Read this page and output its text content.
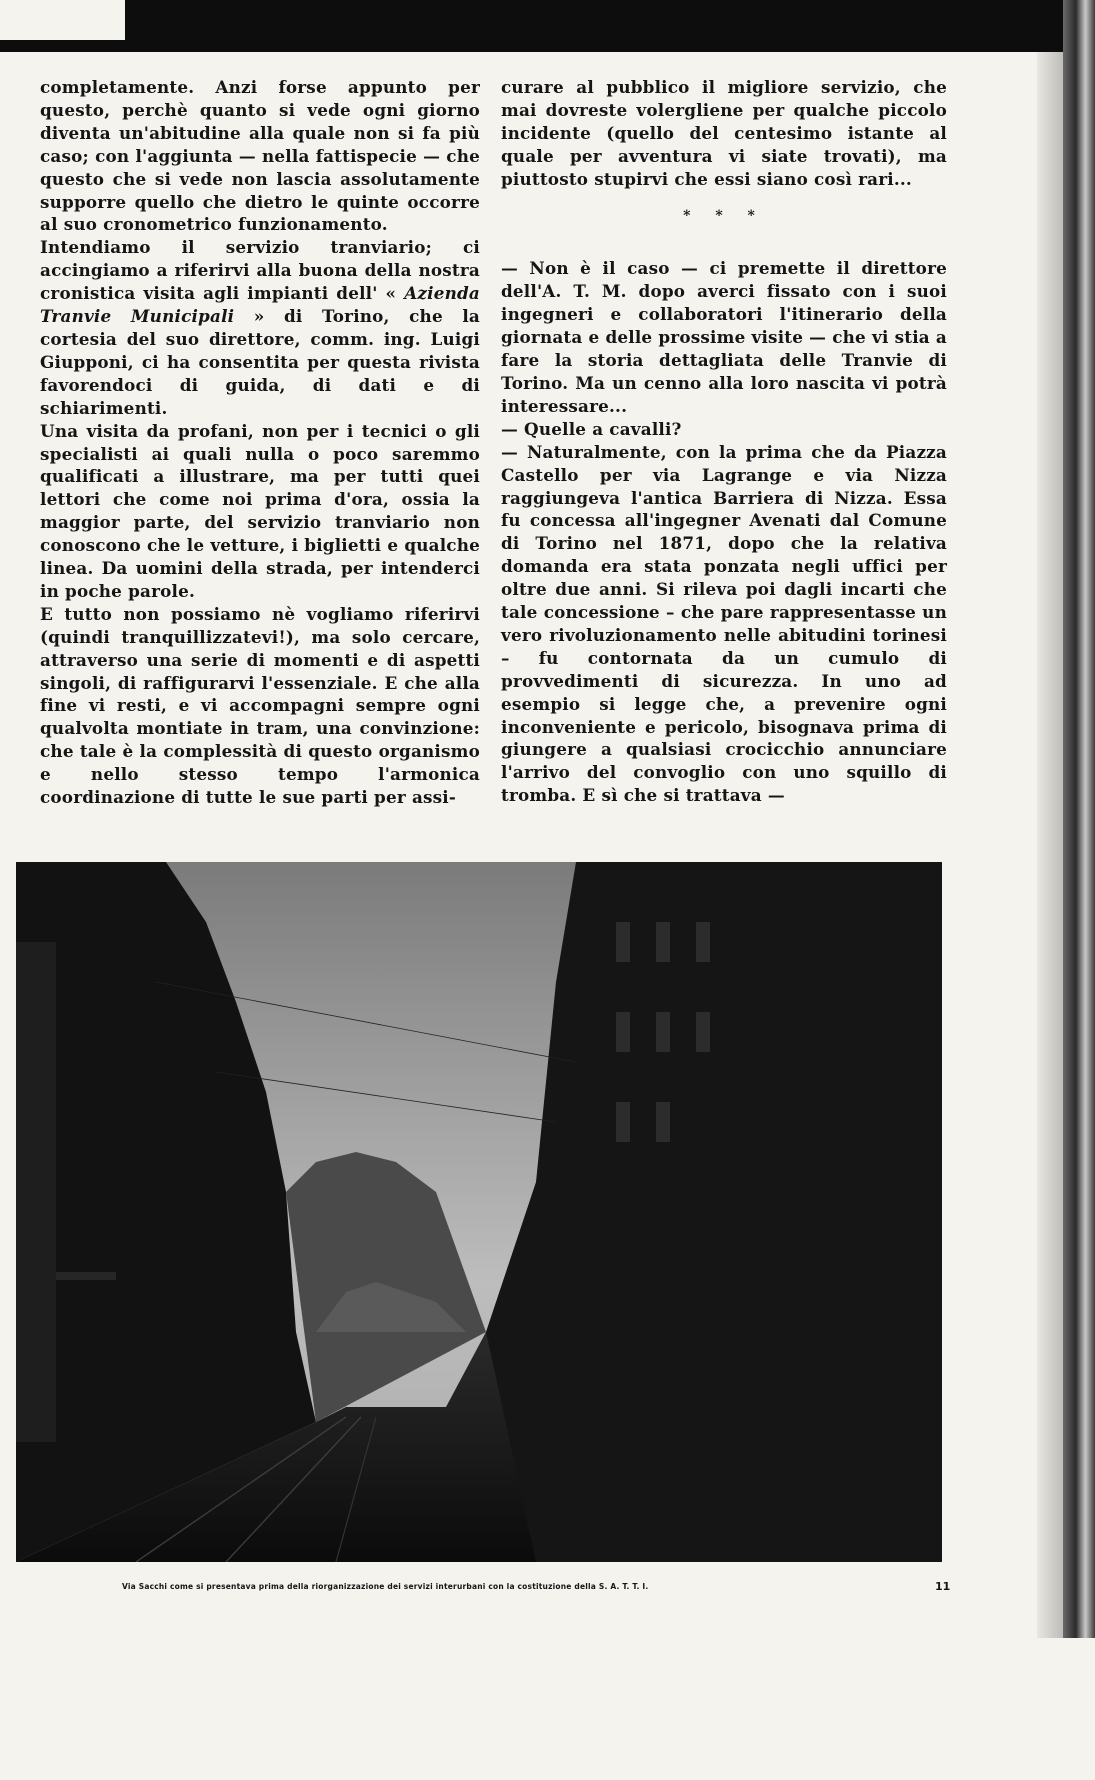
completamente. Anzi forse appunto per questo, perchè quanto si vede ogni giorno diventa un'abitudine alla quale non si fa più caso; con l'aggiunta — nella fattispecie — che questo che si vede non lascia assolutamente supporre quello che dietro le quinte occorre al suo cronometrico funzionamento.

Intendiamo il servizio tranviario; ci accingiamo a riferirvi alla buona della nostra cronistica visita agli impianti dell' « Azienda Tranvie Municipali » di Torino, che la cortesia del suo direttore, comm. ing. Luigi Giupponi, ci ha consentita per questa rivista favorendoci di guida, di dati e di schiarimenti.

Una visita da profani, non per i tecnici o gli specialisti ai quali nulla o poco saremmo qualificati a illustrare, ma per tutti quei lettori che come noi prima d'ora, ossia la maggior parte, del servizio tranviario non conoscono che le vetture, i biglietti e qualche linea. Da uomini della strada, per intenderci in poche parole.

E tutto non possiamo nè vogliamo riferirvi (quindi tranquillizzatevi!), ma solo cercare, attraverso una serie di momenti e di aspetti singoli, di raffigurarvi l'essenziale. E che alla fine vi resti, e vi accompagni sempre ogni qualvolta montiate in tram, una convinzione: che tale è la complessità di questo organismo e nello stesso tempo l'armonica coordinazione di tutte le sue parti per assi-

curare al pubblico il migliore servizio, che mai dovreste volergliene per qualche piccolo incidente (quello del centesimo istante al quale per avventura vi siate trovati), ma piuttosto stupirvi che essi siano così rari...

* * *

— Non è il caso — ci premette il direttore dell'A. T. M. dopo averci fissato con i suoi ingegneri e collaboratori l'itinerario della giornata e delle prossime visite — che vi stia a fare la storia dettagliata delle Tranvie di Torino. Ma un cenno alla loro nascita vi potrà interessare...

— Quelle a cavalli?

— Naturalmente, con la prima che da Piazza Castello per via Lagrange e via Nizza raggiungeva l'antica Barriera di Nizza. Essa fu concessa all'ingegner Avenati dal Comune di Torino nel 1871, dopo che la relativa domanda era stata ponzata negli uffici per oltre due anni. Si rileva poi dagli incarti che tale concessione – che pare rappresentasse un vero rivoluzionamento nelle abitudini torinesi – fu contornata da un cumulo di provvedimenti di sicurezza. In uno ad esempio si legge che, a prevenire ogni inconveniente e pericolo, bisognava prima di giungere a qualsiasi crocicchio annunciare l'arrivo del convoglio con uno squillo di tromba. E sì che si trattava —

Via Sacchi come si presentava prima della riorganizzazione dei servizi interurbani con la costituzione della S. A. T. T. I.	11
